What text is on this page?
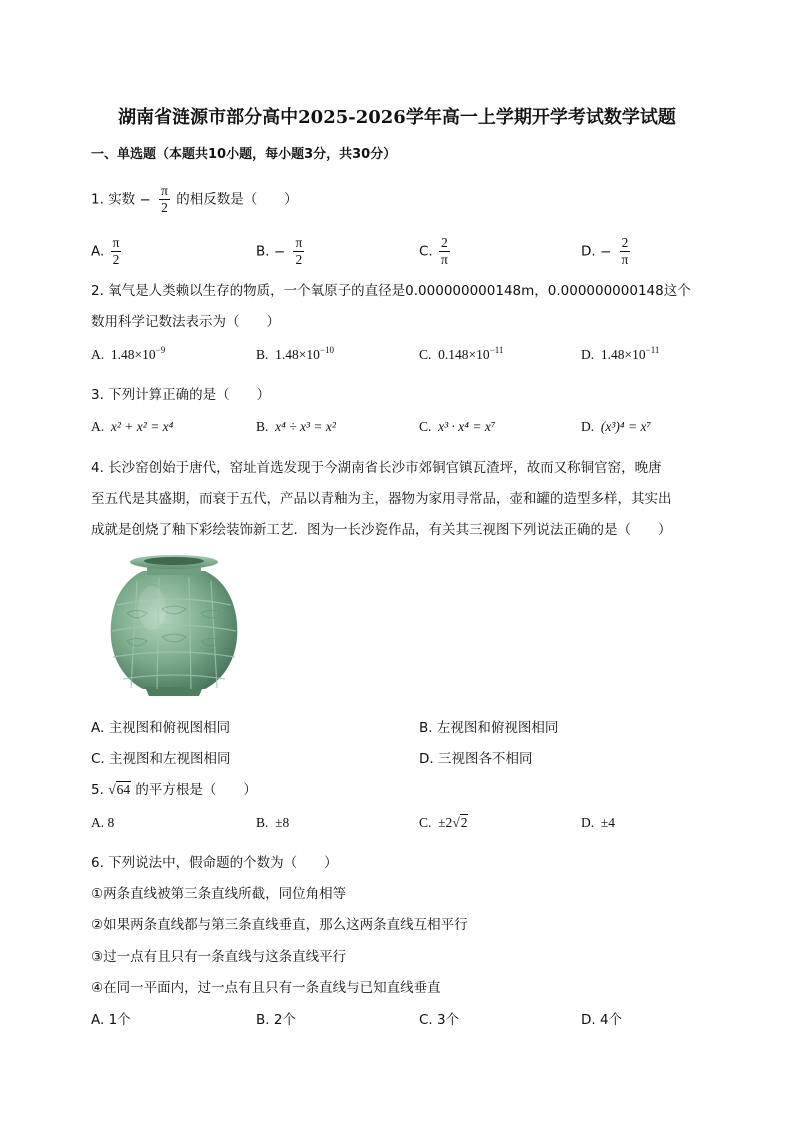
湖南省涟源市部分高中2025-2026学年高一上学期开学考试数学试题
一、单选题（本题共10小题，每小题3分，共30分）
1. 实数 − $\frac{\pi}{2}$ 的相反数是（　　）
A. $\frac{\pi}{2}$	B. − $\frac{\pi}{2}$	C. $\frac{2}{\pi}$	D. − $\frac{2}{\pi}$
2. 氧气是人类赖以生存的物质，一个氧原子的直径是0.000000000148m，0.000000000148这个
数用科学记数法表示为（　　）
A. $1.48\times 10^{-9}$	B. $1.48\times 10^{-10}$	C. $0.148\times 10^{-11}$	D. $1.48\times 10^{-11}$
3. 下列计算正确的是（　　）
A. x² + x² = x⁴	B. x⁴ ÷ x³ = x²	C. x³ · x⁴ = x⁷	D. (x³)⁴ = x⁷
4. 长沙窑创始于唐代，窑址首选发现于今湖南省长沙市郊铜官镇瓦渣坪，故而又称铜官窑，晚唐
至五代是其盛期，而衰于五代，产品以青釉为主，器物为家用寻常品，壶和罐的造型多样，其实出
成就是创烧了釉下彩绘装饰新工艺．图为一长沙瓷作品，有关其三视图下列说法正确的是（　　）
A. 主视图和俯视图相同	B. 左视图和俯视图相同
C. 主视图和左视图相同	D. 三视图各不相同
5. √64 的平方根是（　　）
A. 8	B. ±8	C. ±2√2	D. ±4
6. 下列说法中，假命题的个数为（　　）
①两条直线被第三条直线所截，同位角相等
②如果两条直线都与第三条直线垂直，那么这两条直线互相平行
③过一点有且只有一条直线与这条直线平行
④在同一平面内，过一点有且只有一条直线与已知直线垂直
A. 1个	B. 2个	C. 3个	D. 4个
